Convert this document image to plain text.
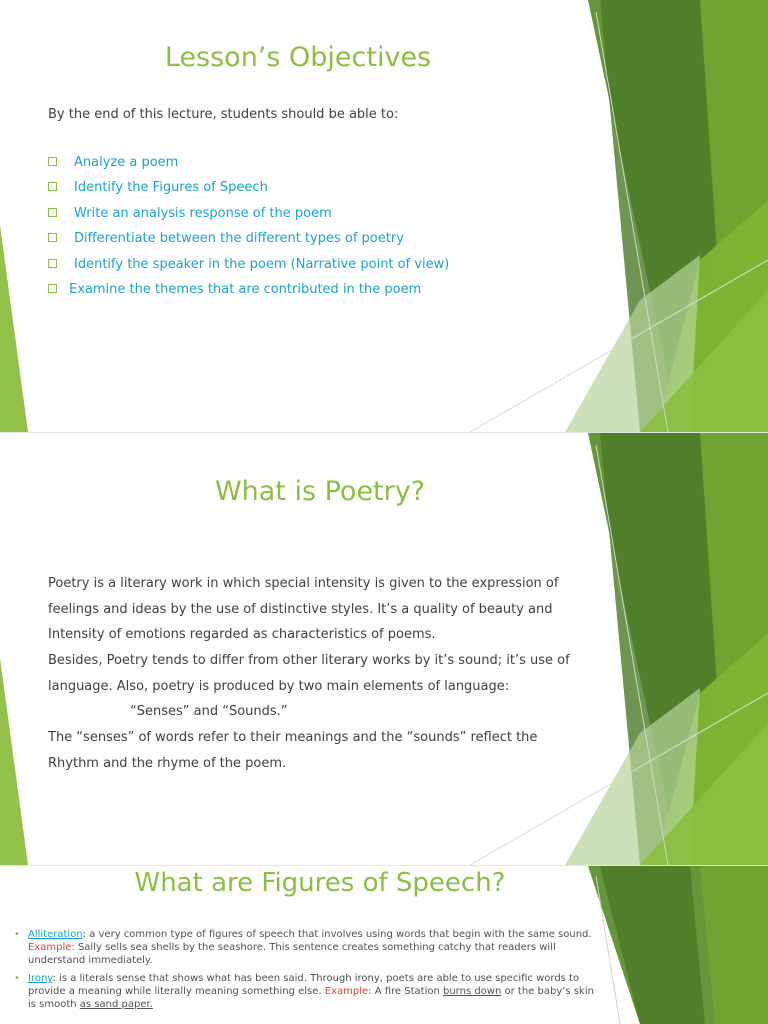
Lesson’s Objectives
By the end of this lecture, students should be able to:
Analyze a poem
Identify the Figures of Speech
Write an analysis response of the poem
Differentiate between the different types of poetry
Identify the speaker in the poem (Narrative point of view)
Examine the themes that are contributed in the poem
What is Poetry?
Poetry is a literary work in which special intensity is given to the expression of
feelings and ideas by the use of distinctive styles. It’s a quality of beauty and
Intensity of emotions regarded as characteristics of poems.
Besides, Poetry tends to differ from other literary works by it’s sound; it’s use of
language. Also, poetry is produced by two main elements of language:
“Senses” and “Sounds.”
The “senses” of words refer to their meanings and the “sounds” reflect the
Rhythm and the rhyme of the poem.
What are Figures of Speech?
• Alliteration: a very common type of figures of speech that involves using words that begin with the same sound.
Example: Sally sells sea shells by the seashore. This sentence creates something catchy that readers will understand immediately.
• Irony: is a literals sense that shows what has been said. Through irony, poets are able to use specific words to provide a meaning while literally meaning something else. Example: A fire Station burns down or the baby’s skin is smooth as sand paper.
